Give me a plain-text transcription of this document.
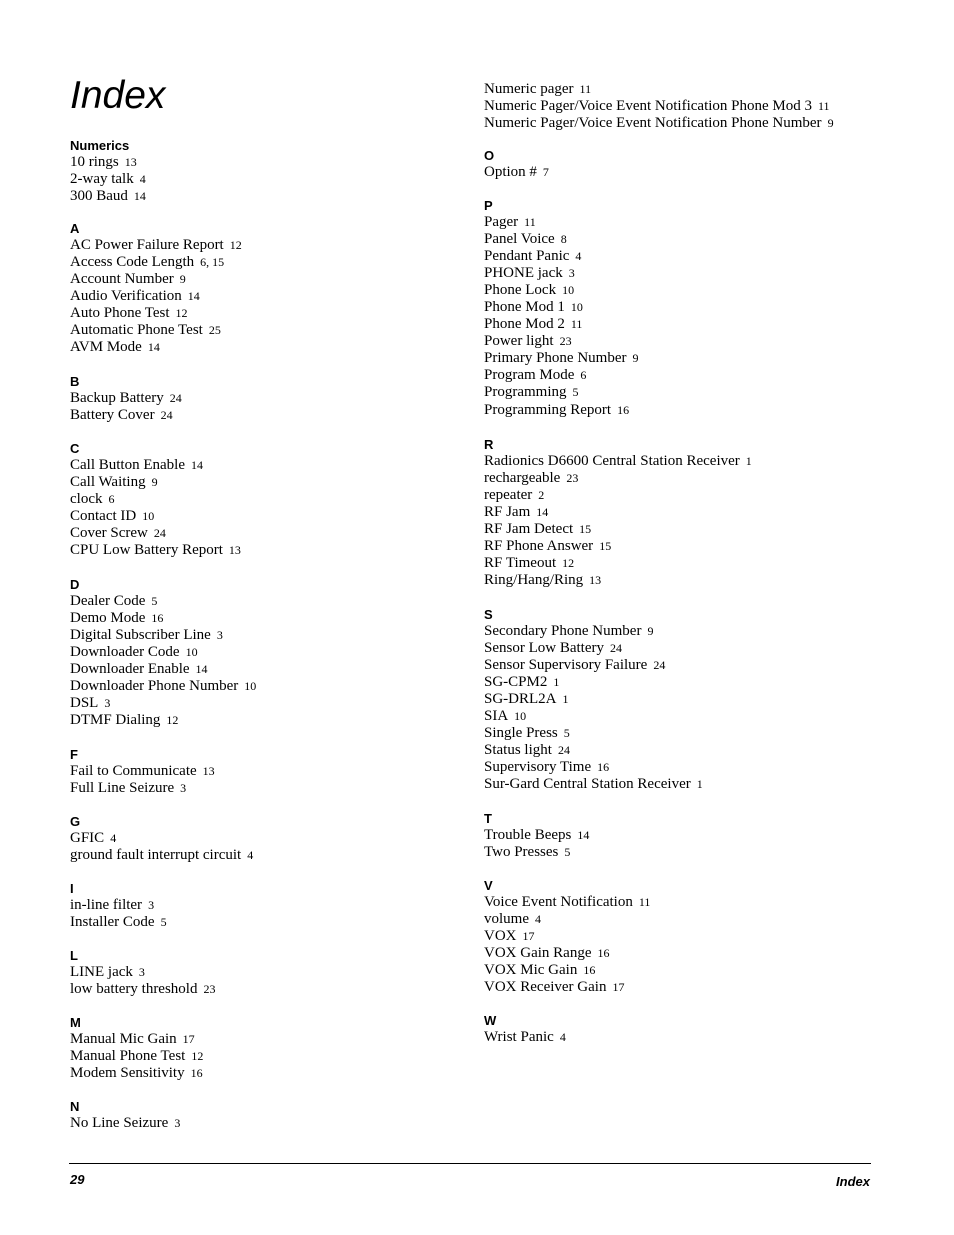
Index
Numerics
10 rings 13
2-way talk 4
300 Baud 14
A
AC Power Failure Report 12
Access Code Length 6, 15
Account Number 9
Audio Verification 14
Auto Phone Test 12
Automatic Phone Test 25
AVM Mode 14
B
Backup Battery 24
Battery Cover 24
C
Call Button Enable 14
Call Waiting 9
clock 6
Contact ID 10
Cover Screw 24
CPU Low Battery Report 13
D
Dealer Code 5
Demo Mode 16
Digital Subscriber Line 3
Downloader Code 10
Downloader Enable 14
Downloader Phone Number 10
DSL 3
DTMF Dialing 12
F
Fail to Communicate 13
Full Line Seizure 3
G
GFIC 4
ground fault interrupt circuit 4
I
in-line filter 3
Installer Code 5
L
LINE jack 3
low battery threshold 23
M
Manual Mic Gain 17
Manual Phone Test 12
Modem Sensitivity 16
N
No Line Seizure 3
Numeric pager 11
Numeric Pager/Voice Event Notification Phone Mod 3 11
Numeric Pager/Voice Event Notification Phone Number 9
O
Option # 7
P
Pager 11
Panel Voice 8
Pendant Panic 4
PHONE jack 3
Phone Lock 10
Phone Mod 1 10
Phone Mod 2 11
Power light 23
Primary Phone Number 9
Program Mode 6
Programming 5
Programming Report 16
R
Radionics D6600 Central Station Receiver 1
rechargeable 23
repeater 2
RF Jam 14
RF Jam Detect 15
RF Phone Answer 15
RF Timeout 12
Ring/Hang/Ring 13
S
Secondary Phone Number 9
Sensor Low Battery 24
Sensor Supervisory Failure 24
SG-CPM2 1
SG-DRL2A 1
SIA 10
Single Press 5
Status light 24
Supervisory Time 16
Sur-Gard Central Station Receiver 1
T
Trouble Beeps 14
Two Presses 5
V
Voice Event Notification 11
volume 4
VOX 17
VOX Gain Range 16
VOX Mic Gain 16
VOX Receiver Gain 17
W
Wrist Panic 4
29	Index
